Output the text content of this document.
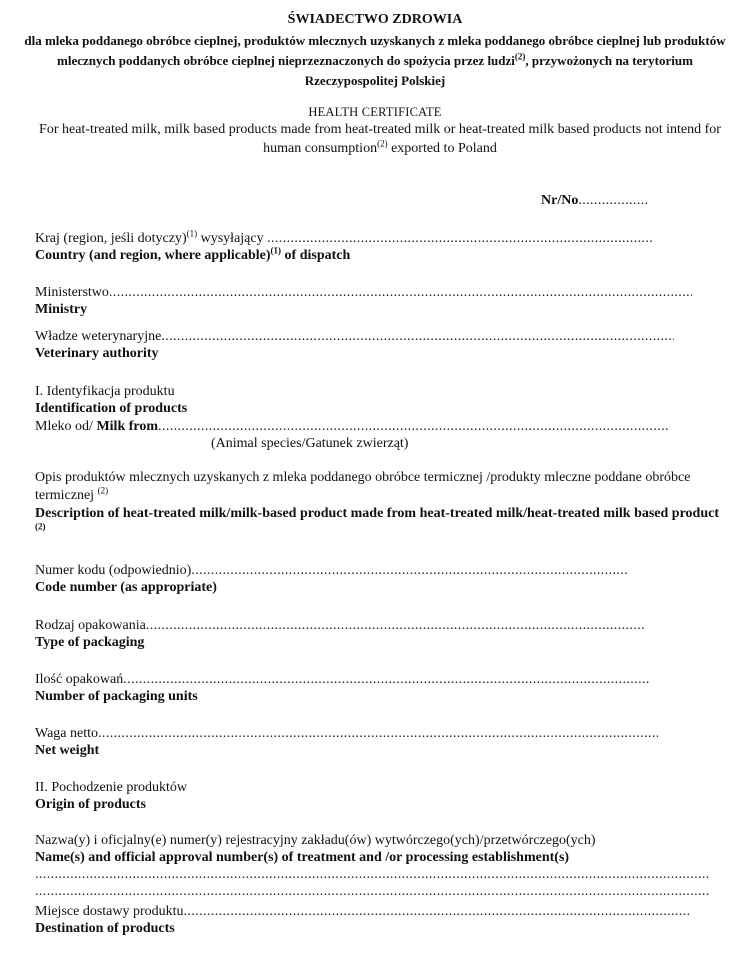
ŚWIADECTWO ZDROWIA
dla mleka poddanego obróbce cieplnej, produktów mlecznych uzyskanych z mleka poddanego obróbce cieplnej lub produktów mlecznych poddanych obróbce cieplnej nieprzeznaczonych do spożycia przez ludzi$^{(2)}$, przywożonych na terytorium Rzeczypospolitej Polskiej
HEALTH CERTIFICATE
For heat-treated milk, milk based products made from heat-treated milk or heat-treated milk based products not intend for human consumption$^{(2)}$ exported to Poland
Nr/No.....
Kraj (region, jeśli dotyczy)$^{(1)}$ wysyłający .....
Country (and region, where applicable)$^{(1)}$ of dispatch
Ministerstwo.....
Ministry
Władze weterynaryjne.....
Veterinary authority
I. Identyfikacja produktu
Identification of products
Mleko od/ Milk from.....
(Animal species/Gatunek zwierząt)
Opis produktów mlecznych uzyskanych z mleka poddanego obróbce termicznej /produkty mleczne poddane obróbce termicznej $^{(2)}$
Description of heat-treated milk/milk-based product made from heat-treated milk/heat-treated milk based product $^{(2)}$
Numer kodu (odpowiednio).....
Code number (as appropriate)
Rodzaj opakowania.....
Type of packaging
Ilość opakowań.....
Number of packaging units
Waga netto.....
Net weight
II. Pochodzenie produktów
Origin of products
Nazwa(y) i oficjalny(e) numer(y) rejestracyjny zakładu(ów) wytwórczego(ych)/przetwórczego(ych)
Name(s) and official approval number(s) of treatment and /or processing establishment(s)
.....
.....
Miejsce dostawy produktu.....
Destination of products
